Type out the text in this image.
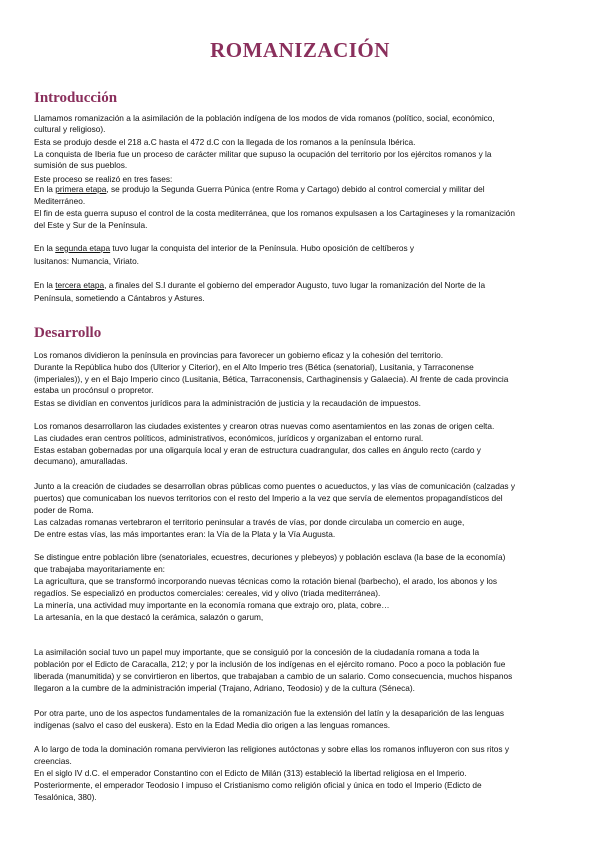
ROMANIZACIÓN
Introducción
Llamamos romanización a la asimilación de la población indígena de los modos de vida romanos (político, social, económico,
cultural y religioso).
Esta se produjo desde el 218 a.C hasta el 472 d.C con la llegada de los romanos a la península Ibérica.
La conquista de Iberia fue un proceso de carácter militar que supuso la ocupación del territorio por los ejércitos romanos y la
sumisión de sus pueblos.
Este proceso se realizó en tres fases:
En la primera etapa, se produjo la Segunda Guerra Púnica (entre Roma y Cartago) debido al control comercial y militar del
Mediterráneo.
El fin de esta guerra supuso el control de la costa mediterránea, que los romanos expulsasen a los Cartagineses y la romanización
del Este y Sur de la Península.
En la segunda etapa tuvo lugar la conquista del interior de la Península. Hubo oposición de celtíberos y
lusitanos: Numancia, Viriato.
En la tercera etapa, a finales del S.I durante el gobierno del emperador Augusto, tuvo lugar la romanización del Norte de la
Península, sometiendo a Cántabros y Astures.
Desarrollo
Los romanos dividieron la península en provincias para favorecer un gobierno eficaz y la cohesión del territorio.
Durante la República hubo dos (Ulterior y Citerior), en el Alto Imperio tres (Bética (senatorial), Lusitania, y Tarraconense
(imperiales)), y en el Bajo Imperio cinco (Lusitania, Bética, Tarraconensis, Carthaginensis y Galaecia). Al frente de cada provincia
estaba un procónsul o propretor.
Estas se dividían en conventos jurídicos para la administración de justicia y la recaudación de impuestos.
Los romanos desarrollaron las ciudades existentes y crearon otras nuevas como asentamientos en las zonas de origen celta.
Las ciudades eran centros políticos, administrativos, económicos, jurídicos y organizaban el entorno rural.
Estas estaban gobernadas por una oligarquía local y eran de estructura cuadrangular, dos calles en ángulo recto (cardo y
decumano), amuralladas.
Junto a la creación de ciudades se desarrollan obras públicas como puentes o acueductos, y las vías de comunicación (calzadas y
puertos) que comunicaban los nuevos territorios con el resto del Imperio a la vez que servía de elementos propagandísticos del
poder de Roma.
Las calzadas romanas vertebraron el territorio peninsular a través de vías, por donde circulaba un comercio en auge,
De entre estas vías, las más importantes eran: la Vía de la Plata y la Vía Augusta.
Se distingue entre población libre (senatoriales, ecuestres, decuriones y plebeyos) y población esclava (la base de la economía)
que trabajaba mayoritariamente en:
La agricultura, que se transformó incorporando nuevas técnicas como la rotación bienal (barbecho), el arado, los abonos y los
regadíos. Se especializó en productos comerciales: cereales, vid y olivo (triada mediterránea).
La minería, una actividad muy importante en la economía romana que extrajo oro, plata, cobre…
La artesanía, en la que destacó la cerámica, salazón o garum,
La asimilación social tuvo un papel muy importante, que se consiguió por la concesión de la ciudadanía romana a toda la
población por el Edicto de Caracalla, 212; y por la inclusión de los indígenas en el ejército romano. Poco a poco la población fue
liberada (manumitida) y se convirtieron en libertos, que trabajaban a cambio de un salario. Como consecuencia, muchos hispanos
llegaron a la cumbre de la administración imperial (Trajano, Adriano, Teodosio) y de la cultura (Séneca).
Por otra parte, uno de los aspectos fundamentales de la romanización fue la extensión del latín y la desaparición de las lenguas
indígenas (salvo el caso del euskera). Esto en la Edad Media dio origen a las lenguas romances.
A lo largo de toda la dominación romana pervivieron las religiones autóctonas y sobre ellas los romanos influyeron con sus ritos y
creencias.
En el siglo IV d.C. el emperador Constantino con el Edicto de Milán (313) estableció la libertad religiosa en el Imperio.
Posteriormente, el emperador Teodosio I impuso el Cristianismo como religión oficial y única en todo el Imperio (Edicto de
Tesalónica, 380).
